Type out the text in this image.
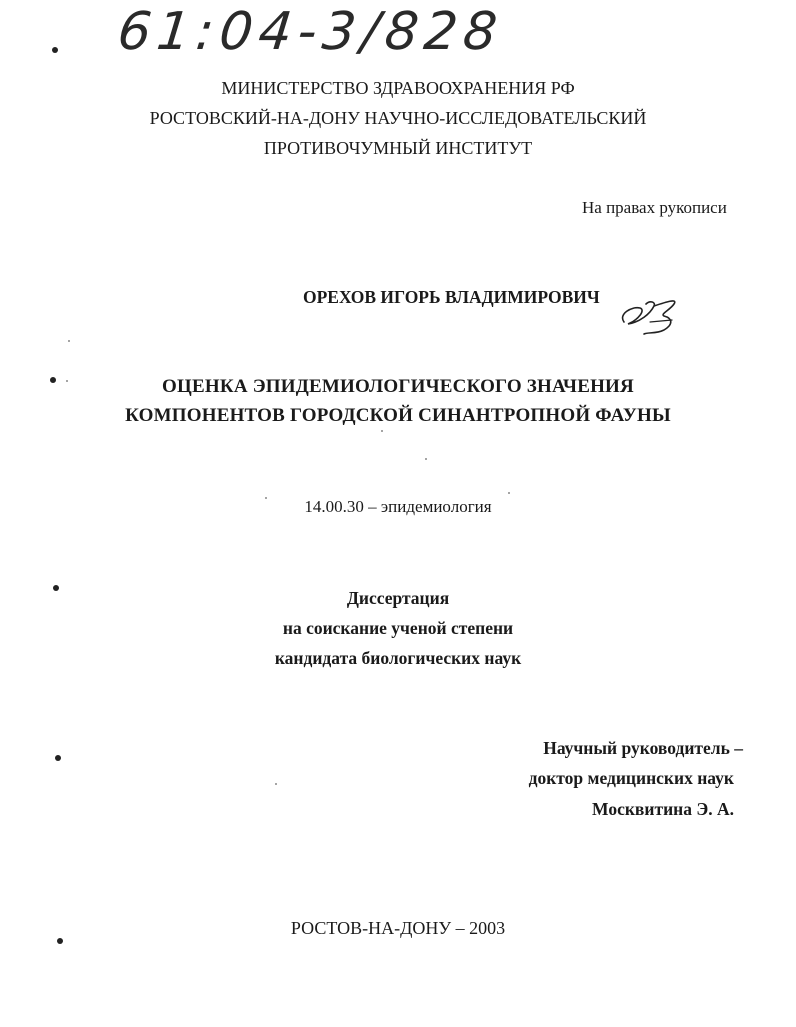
61:04-3/828
МИНИСТЕРСТВО ЗДРАВООХРАНЕНИЯ РФ
РОСТОВСКИЙ-НА-ДОНУ НАУЧНО-ИССЛЕДОВАТЕЛЬСКИЙ
ПРОТИВОЧУМНЫЙ ИНСТИТУТ
На правах рукописи
ОРЕХОВ ИГОРЬ ВЛАДИМИРОВИЧ
ОЦЕНКА ЭПИДЕМИОЛОГИЧЕСКОГО ЗНАЧЕНИЯ
КОМПОНЕНТОВ ГОРОДСКОЙ СИНАНТРОПНОЙ ФАУНЫ
14.00.30 – эпидемиология
Диссертация
на соискание ученой степени
кандидата биологических наук
Научный руководитель –
доктор медицинских наук
Москвитина Э. А.
РОСТОВ-НА-ДОНУ – 2003
